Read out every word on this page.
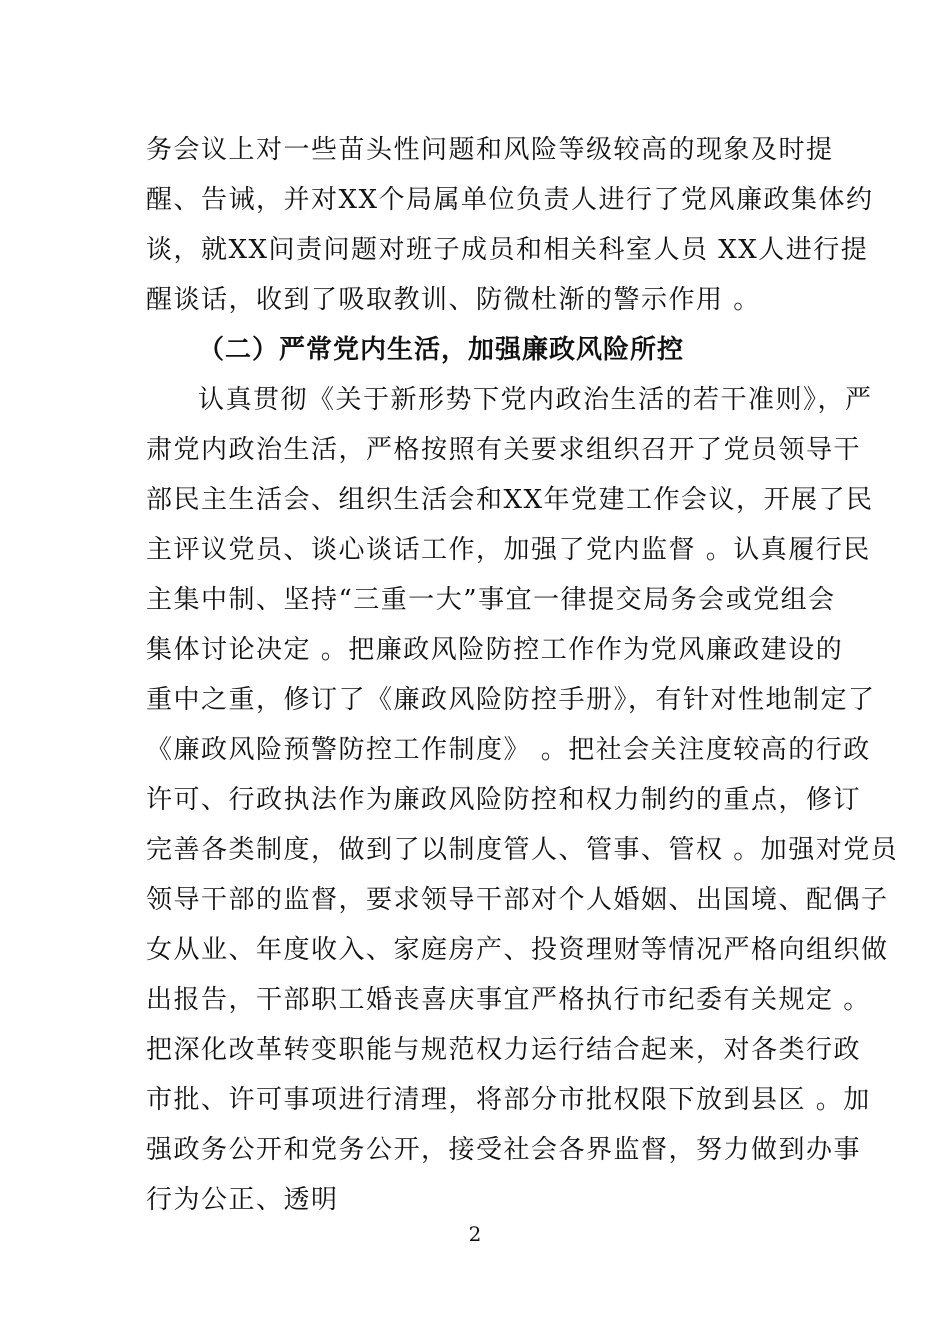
务会议上对一些苗头性问题和风险等级较高的现象及时提
醒、告诫，并对XX个局属单位负责人进行了党风廉政集体约
谈，就XX问责问题对班子成员和相关科室人员 XX人进行提
醒谈话，收到了吸取教训、防微杜渐的警示作用 。
（二）严常党内生活，加强廉政风险所控
认真贯彻《关于新形势下党内政治生活的若干准则》，严
肃党内政治生活，严格按照有关要求组织召开了党员领导干
部民主生活会、组织生活会和XX年党建工作会议，开展了民
主评议党员、谈心谈话工作，加强了党内监督 。认真履行民
主集中制、坚持“三重一大”事宜一律提交局务会或党组会
集体讨论决定 。把廉政风险防控工作作为党风廉政建设的
重中之重，修订了《廉政风险防控手册》，有针对性地制定了
《廉政风险预警防控工作制度》 。把社会关注度较高的行政
许可、行政执法作为廉政风险防控和权力制约的重点，修订
完善各类制度，做到了以制度管人、管事、管权 。加强对党员
领导干部的监督，要求领导干部对个人婚姻、出国境、配偶子
女从业、年度收入、家庭房产、投资理财等情况严格向组织做
出报告，干部职工婚丧喜庆事宜严格执行市纪委有关规定 。
把深化改革转变职能与规范权力运行结合起来，对各类行政
市批、许可事项进行清理，将部分市批权限下放到县区 。加
强政务公开和党务公开，接受社会各界监督，努力做到办事
行为公正、透明
2
